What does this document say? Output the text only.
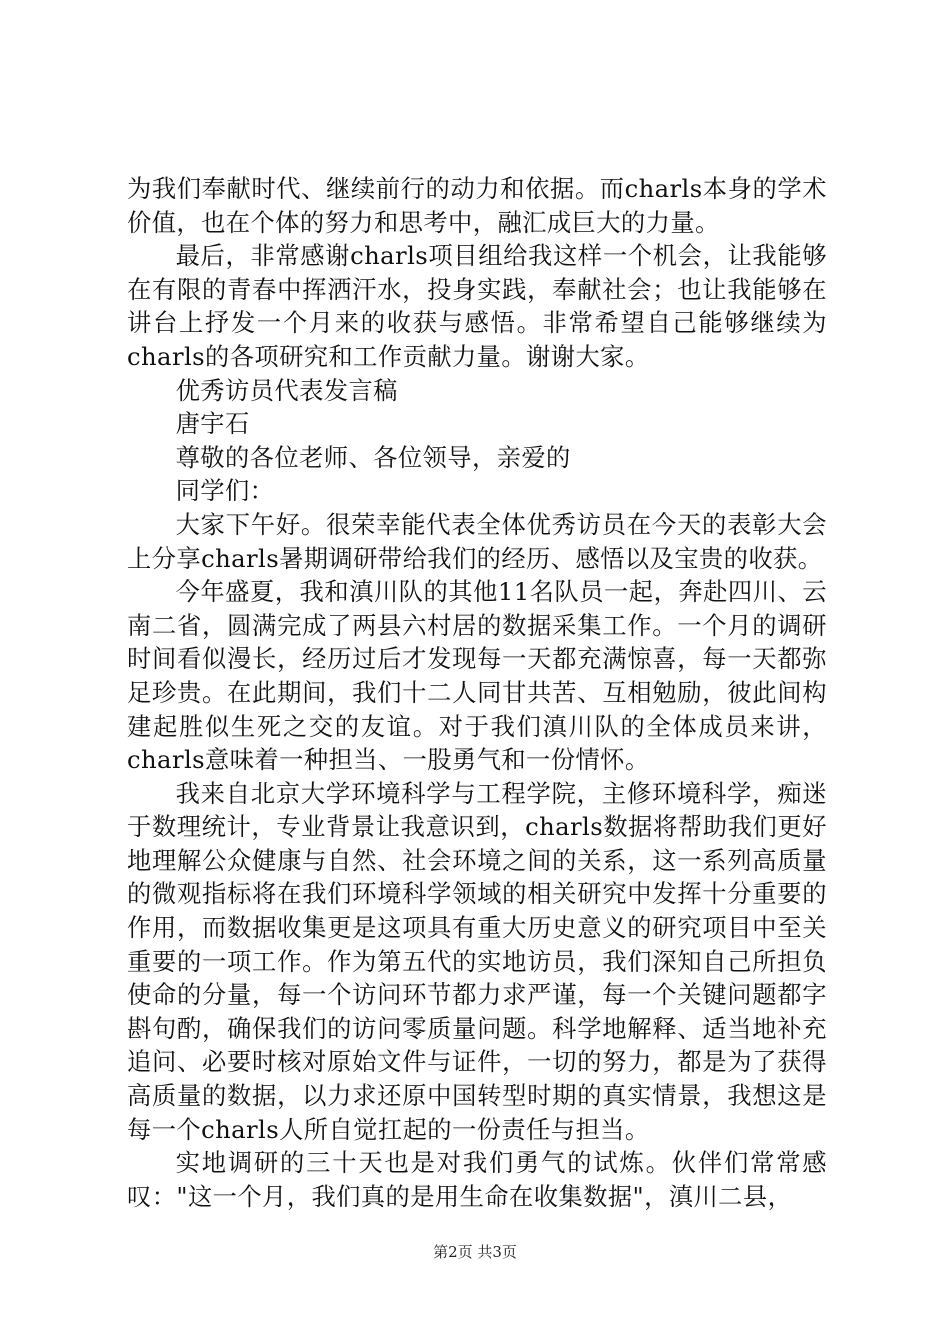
为我们奉献时代、继续前行的动力和依据。而charls本身的学术价值，也在个体的努力和思考中，融汇成巨大的力量。

最后，非常感谢charls项目组给我这样一个机会，让我能够在有限的青春中挥洒汗水，投身实践，奉献社会；也让我能够在讲台上抒发一个月来的收获与感悟。非常希望自己能够继续为charls的各项研究和工作贡献力量。谢谢大家。

优秀访员代表发言稿

唐宇石

尊敬的各位老师、各位领导，亲爱的

同学们：

大家下午好。很荣幸能代表全体优秀访员在今天的表彰大会上分享charls暑期调研带给我们的经历、感悟以及宝贵的收获。

今年盛夏，我和滇川队的其他11名队员一起，奔赴四川、云南二省，圆满完成了两县六村居的数据采集工作。一个月的调研时间看似漫长，经历过后才发现每一天都充满惊喜，每一天都弥足珍贵。在此期间，我们十二人同甘共苦、互相勉励，彼此间构建起胜似生死之交的友谊。对于我们滇川队的全体成员来讲，charls意味着一种担当、一股勇气和一份情怀。

我来自北京大学环境科学与工程学院，主修环境科学，痴迷于数理统计，专业背景让我意识到，charls数据将帮助我们更好地理解公众健康与自然、社会环境之间的关系，这一系列高质量的微观指标将在我们环境科学领域的相关研究中发挥十分重要的作用，而数据收集更是这项具有重大历史意义的研究项目中至关重要的一项工作。作为第五代的实地访员，我们深知自己所担负使命的分量，每一个访问环节都力求严谨，每一个关键问题都字斟句酌，确保我们的访问零质量问题。科学地解释、适当地补充追问、必要时核对原始文件与证件，一切的努力，都是为了获得高质量的数据，以力求还原中国转型时期的真实情景，我想这是每一个charls人所自觉扛起的一份责任与担当。

实地调研的三十天也是对我们勇气的试炼。伙伴们常常感叹："这一个月，我们真的是用生命在收集数据"，滇川二县，

第2页 共3页
